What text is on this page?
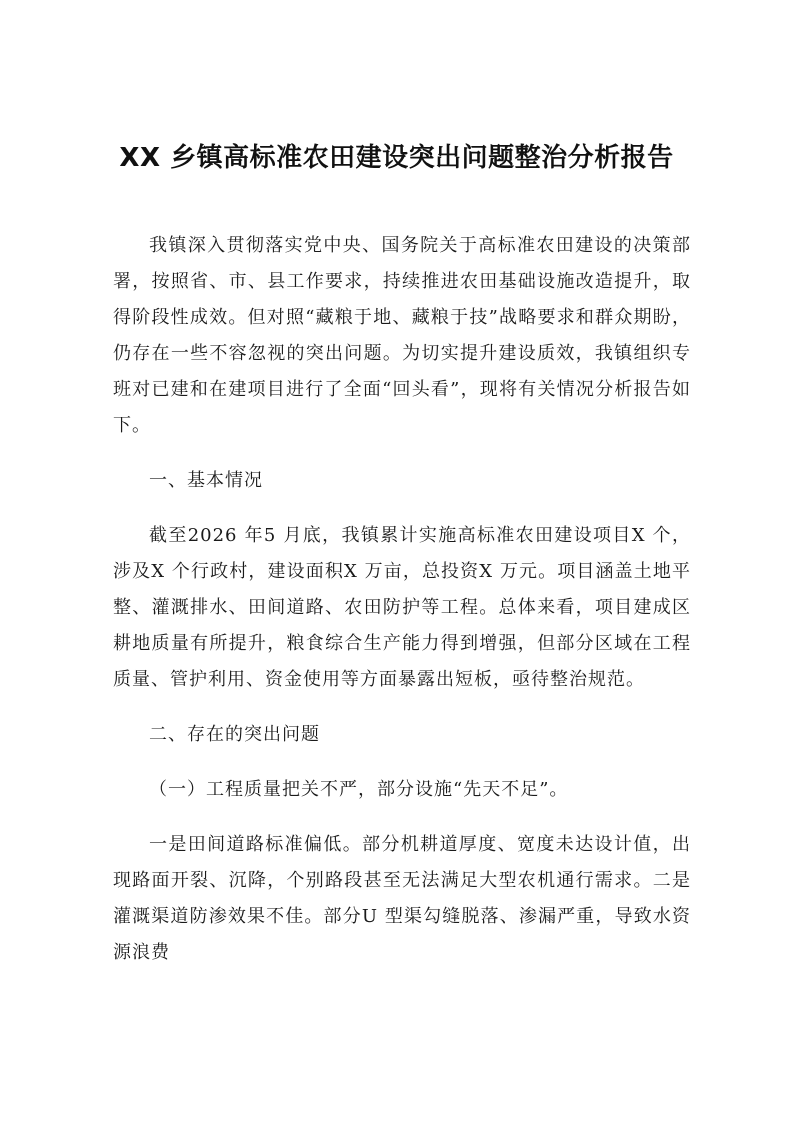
XX 乡镇高标准农田建设突出问题整治分析报告

我镇深入贯彻落实党中央、国务院关于高标准农田建设的决策部署，按照省、市、县工作要求，持续推进农田基础设施改造提升，取得阶段性成效。但对照“藏粮于地、藏粮于技”战略要求和群众期盼，仍存在一些不容忽视的突出问题。为切实提升建设质效，我镇组织专班对已建和在建项目进行了全面“回头看”，现将有关情况分析报告如下。

一、基本情况

截至2026 年5 月底，我镇累计实施高标准农田建设项目X 个，涉及X 个行政村，建设面积X 万亩，总投资X 万元。项目涵盖土地平整、灌溉排水、田间道路、农田防护等工程。总体来看，项目建成区耕地质量有所提升，粮食综合生产能力得到增强，但部分区域在工程质量、管护利用、资金使用等方面暴露出短板，亟待整治规范。

二、存在的突出问题

（一）工程质量把关不严，部分设施“先天不足”。

一是田间道路标准偏低。部分机耕道厚度、宽度未达设计值，出现路面开裂、沉降，个别路段甚至无法满足大型农机通行需求。二是灌溉渠道防渗效果不佳。部分U 型渠勾缝脱落、渗漏严重，导致水资源浪费
